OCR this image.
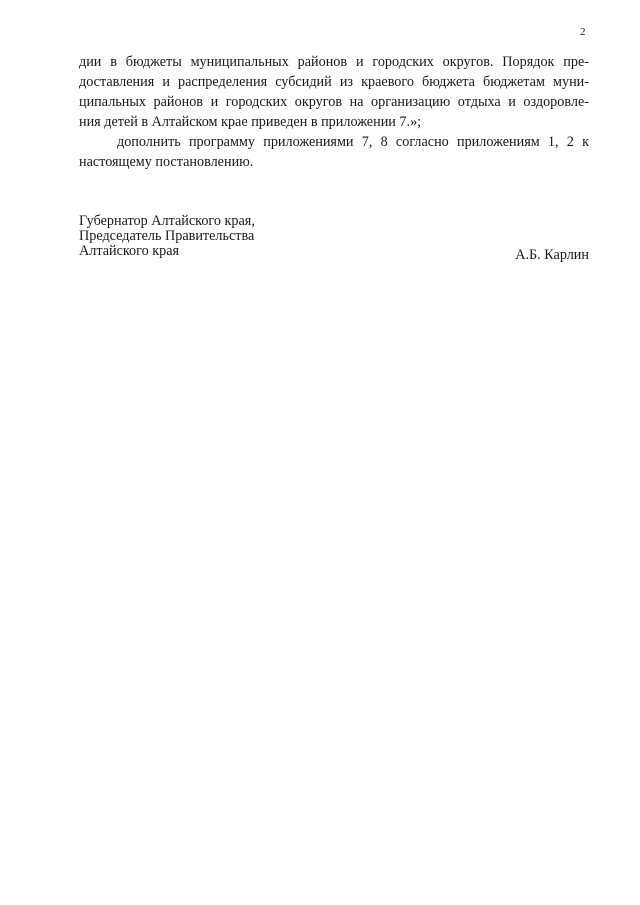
2
дии в бюджеты муниципальных районов и городских округов. Порядок пре-
доставления и распределения субсидий из краевого бюджета бюджетам муни-
ципальных районов и городских округов на организацию отдыха и оздоровле-
ния детей в Алтайском крае приведен в приложении 7.»;
дополнить программу приложениями 7, 8 согласно приложениям 1, 2 к
настоящему постановлению.
Губернатор Алтайского края,
Председатель Правительства
Алтайского края	А.Б. Карлин
